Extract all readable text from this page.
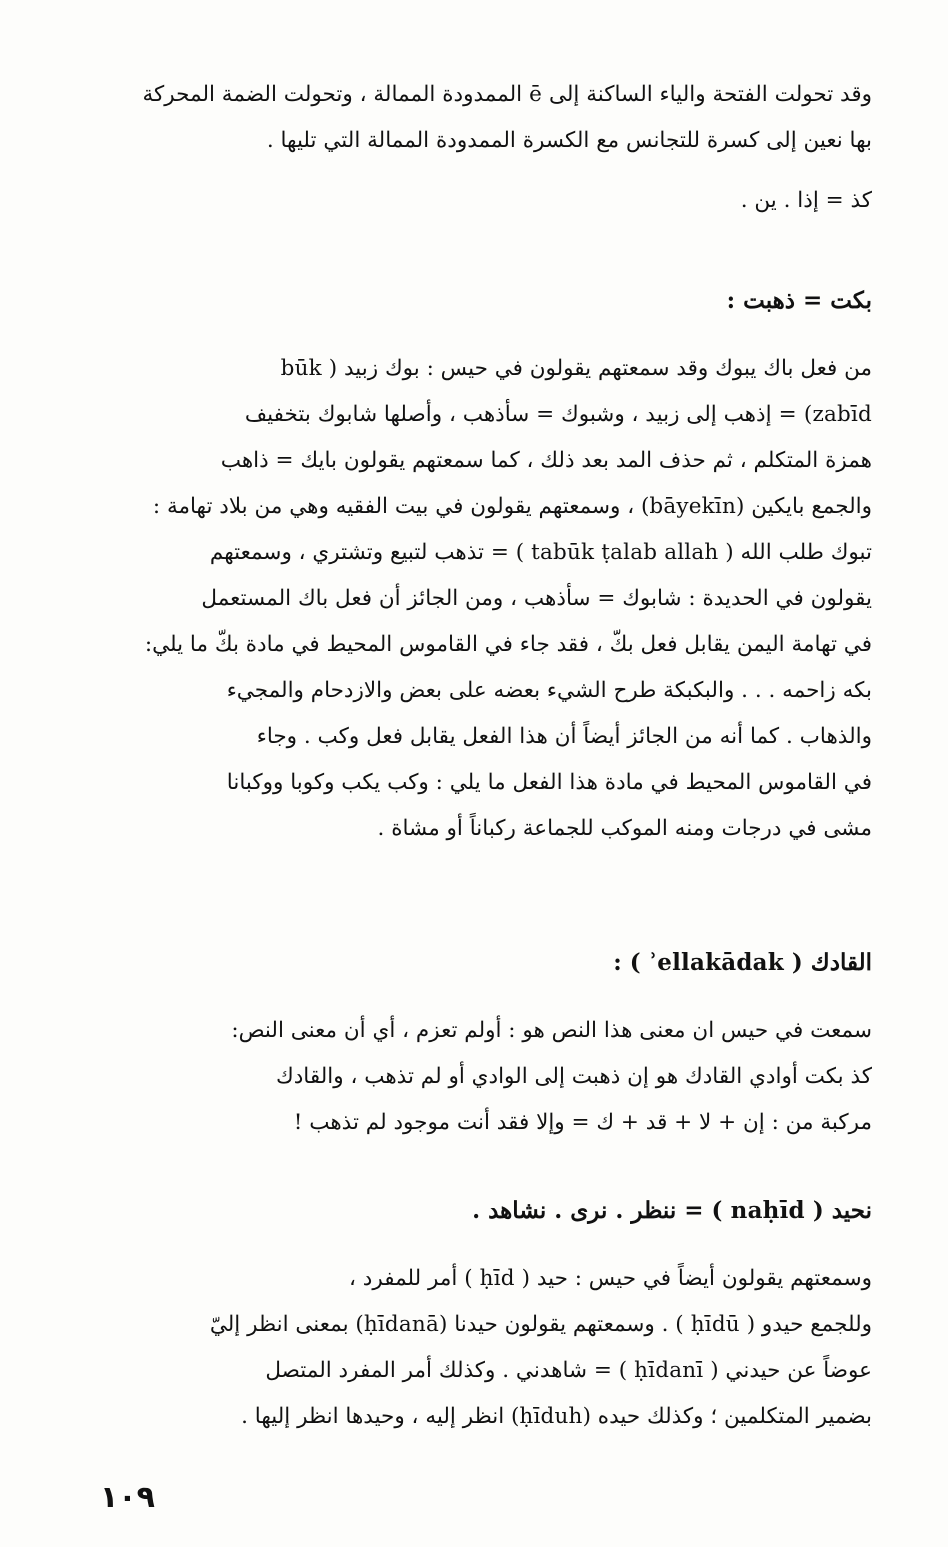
وقد تحولت الفتحة والياء الساكنة إلى ē الممدودة الممالة ، وتحولت الضمة المحركة
بها نعين إلى كسرة للتجانس مع الكسرة الممدودة الممالة التي تليها .
كذ = إذا . ين .
بكت = ذهبت :
من فعل باك يبوك وقد سمعتهم يقولون في حيس : بوك زبيد ( būk
zabīd) = إذهب إلى زبيد ، وشبوك = سأذهب ، وأصلها شابوك بتخفيف
همزة المتكلم ، ثم حذف المد بعد ذلك ، كما سمعتهم يقولون بايك = ذاهب
والجمع بايكين (bāyekīn) ، وسمعتهم يقولون في بيت الفقيه وهي من بلاد تهامة :
تبوك طلب الله ( tabūk ṭalab allah ) = تذهب لتبيع وتشتري ، وسمعتهم
يقولون في الحديدة : شابوك = سأذهب ، ومن الجائز أن فعل باك المستعمل
في تهامة اليمن يقابل فعل بكّ ، فقد جاء في القاموس المحيط في مادة بكّ ما يلي:
بكه زاحمه . . . والبكبكة طرح الشيء بعضه على بعض والازدحام والمجيء
والذهاب . كما أنه من الجائز أيضاً أن هذا الفعل يقابل فعل وكب . وجاء
في القاموس المحيط في مادة هذا الفعل ما يلي : وكب يكب وكوبا ووكبانا
مشى في درجات ومنه الموكب للجماعة ركباناً أو مشاة .
القادك ( ʾellakādak ) :
سمعت في حيس ان معنى هذا النص هو : أولم تعزم ، أي أن معنى النص:
كذ بكت أوادي القادك هو إن ذهبت إلى الوادي أو لم تذهب ، والقادك
مركبة من : إن + لا + قد + ك = وإلا فقد أنت موجود لم تذهب !
نحيد ( naḥīd ) = ننظر . نرى . نشاهد .
وسمعتهم يقولون أيضاً في حيس : حيد ( ḥīd ) أمر للمفرد ،
وللجمع حيدو ( ḥīdū ) . وسمعتهم يقولون حيدنا (ḥīdanā) بمعنى انظر إليّ
عوضاً عن حيدني ( ḥīdanī ) = شاهدني . وكذلك أمر المفرد المتصل
بضمير المتكلمين ؛ وكذلك حيده (ḥīduh) انظر إليه ، وحيدها انظر إليها .
١٠٩
